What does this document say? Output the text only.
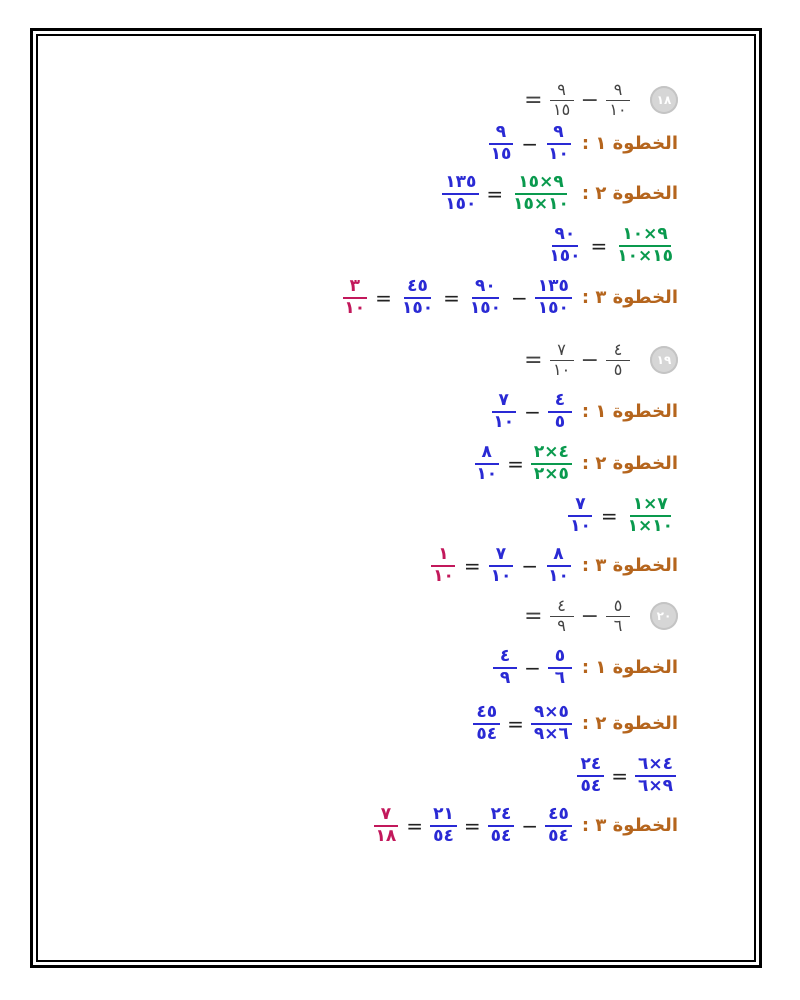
١٨
= $\frac{٩}{١٥} - \frac{٩}{١٠}$
الخطوة ١ :
$\frac{٩}{١٥} - \frac{٩}{١٠}$
الخطوة ٢ :
$\frac{١٣٥}{١٥٠} = \frac{٩\times ١٥}{١٠\times ١٥}$
$\frac{٩٠}{١٥٠} = \frac{٩\times ١٠}{١٥\times ١٠}$
الخطوة ٣ :
$\frac{٣}{١٠} = \frac{٤٥}{١٥٠} = \frac{٩٠}{١٥٠} - \frac{١٣٥}{١٥٠}$
١٩
= $\frac{٧}{١٠} - \frac{٤}{٥}$
الخطوة ١ :
$\frac{٧}{١٠} - \frac{٤}{٥}$
الخطوة ٢ :
$\frac{٨}{١٠} = \frac{٤\times ٢}{٥\times ٢}$
$\frac{٧}{١٠} = \frac{٧\times ١}{١٠\times ١}$
الخطوة ٣ :
$\frac{١}{١٠} = \frac{٧}{١٠} - \frac{٨}{١٠}$
٢٠
= $\frac{٤}{٩} - \frac{٥}{٦}$
الخطوة ١ :
$\frac{٤}{٩} - \frac{٥}{٦}$
الخطوة ٢ :
$\frac{٤٥}{٥٤} = \frac{٥\times ٩}{٦\times ٩}$
$\frac{٢٤}{٥٤} = \frac{٤\times ٦}{٩\times ٦}$
الخطوة ٣ :
$\frac{٧}{١٨} = \frac{٢١}{٥٤} = \frac{٢٤}{٥٤} - \frac{٤٥}{٥٤}$
